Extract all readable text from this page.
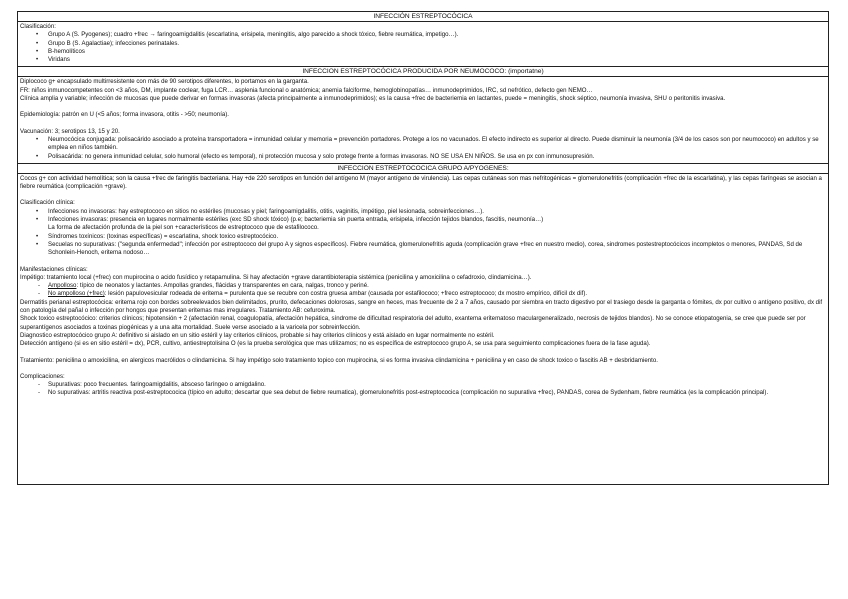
INFECCIÓN ESTREPTOCÓCICA

Clasificación:

• Grupo A (S. Pyogenes); cuadro +frec → faringoamigdalitis (escarlatina, erisipela, meningitis, algo parecido a shock tóxico, fiebre reumática, impetigo…).
• Grupo B (S. Agalactiae); infecciones perinatales.
• B-hemolíticos
• Viridans
INFECCION ESTREPTOCÓCICA PRODUCIDA POR NEUMOCOCO: (importatne)

Diplococo g+ encapsulado multirresistente con más de 90 serotipos diferentes, lo portamos en la garganta.

FR: niños inmunocompetentes con <3 años, DM, implante coclear, fuga LCR… asplenia funcional o anatómica; anemia falciforme, hemoglobinopatías… inmunodeprimidos, IRC, sd nefrótico, defecto gen NEMO…

Clínica amplia y variable; infección de mucosas que puede derivar en formas invasoras (afecta principalmente a inmunodeprimidos); es la causa +frec de bacteriemia en lactantes, puede = meningitis, shock séptico, neumonía invasiva, SHU o peritonitis invasiva.

Epidemiología: patrón en U (<5 años; forma invasora, otitis - >50; neumonía).

Vacunación: 3; serotipos 13, 15 y 20.

• Neumocócica conjugada: polisacárido asociado a proteína transportadora = inmunidad celular y memoria = prevención portadores. Protege a los no vacunados. El efecto indirecto es superior al directo. Puede disminuir la neumonía (3/4 de los casos son por neumococo) en adultos y se emplea en niños también.
• Polisacárida: no genera inmunidad celular, solo humoral (efecto es temporal), ni protección mucosa y solo protege frente a formas invasoras. NO SE USA EN NIÑOS. Se usa en px con inmunosupresión.
INFECCION ESTREPTOCOCICA GRUPO A/PYOGENES:

Cocos g+ con actividad hemolítica; son la causa +frec de faringitis bacteriana. Hay +de 220 serotipos en función del antígeno M (mayor antígeno de virulencia). Las cepas cutáneas son mas nefritogénicas = glomerulonefritis (complicación +frec de la escarlatina), y las cepas faríngeas se asocian a fiebre reumática (complicación +grave).

Clasificación clínica:

• Infecciones no invasoras: hay estreptococo en sitios no estériles (mucosas y piel; faringoamigdalitis, otitis, vaginitis, impétigo, piel lesionada, sobreinfecciones…).
• Infecciones invasoras: presencia en lugares normalmente estériles (exc SD shock tóxico) (p.e; bacteriemia sin puerta entrada, erisipela, infección tejidos blandos, fascitis, neumonía…)
La forma de afectación profunda de la piel son +característicos de estreptococo que de estafilococo.
• Síndromes toxínicos: (toxinas específicas) = escarlatina, shock toxico estreptocócico.
• Secuelas no supurativas: ("segunda enfermedad"; infección por estreptococo del grupo A y signos específicos). Fiebre reumática, glomerulonefritis aguda (complicación grave +frec en nuestro medio), corea, sindromes postestreptocócicos incompletos o menores, PANDAS, Sd de Schonlein-Henoch, eritema nodoso…

Manifestaciones clínicas:

Impétigo: tratamiento local (+frec) con mupirocina o acido fusídico y retapamulina. Si hay afectación +grave darantibioterapia sistémica (penicilina y amoxicilina o cefadroxio, clindamicina…).

- Ampolloso: típico de neonatos y lactantes. Ampollas grandes, flácidas y transparentes en cara, nalgas, tronco y periné.
- No ampolloso (+frec): lesión papulovesicular rodeada de eritema = purulenta que se recubre con costra gruesa ambar (causada por estafilococo; +freco estreptococo; dx mostro empírico, difícil dx dif).

Dermatitis perianal estreptocócica: eritema rojo con bordes sobreelevados bien delimitados, prurito, defecaciones dolorosas, sangre en heces, mas frecuente de 2 a 7 años, causado por siembra en tracto digestivo por el trasiego desde la garganta o fómites, dx por cultivo o antígeno positivo, dx dif con patología del pañal o infección por hongos que presentan eritemas mas irregulares. Tratamiento AB: cefuroxima.

Shock toxico estreptocócico: criterios clínicos; hipotensión + 2 (afectación renal, coagulopatía, afectación hepática, síndrome de dificultad respiratoria del adulto, exantema eritematoso maculargeneralizado, necrosis de tejidos blandos). No se conoce etiopatogenia, se cree que puede ser por superantígenos asociados a toxinas piogénicas y a una alta mortalidad. Suele verse asociado a la varicela por sobreinfección.

Diagnostico estreptocócico grupo A: definitivo si aislado en un sitio estéril y lay criterios clínicos, probable si hay criterios clínicos y está aislado en lugar normalmente no estéril.

Detección antígeno (si es en sitio estéril = dx), PCR, cultivo, antiestreptolisina O (es la prueba serológica que mas utilizamos; no es específica de estreptococo grupo A, se usa para seguimiento complicaciones fuera de la fase aguda).

Tratamiento: penicilina o amoxicilina, en alergicos macrólidos o clindamicina. Si hay impétigo solo tratamiento topico con mupirocina, si es forma invasiva clindamicina + penicilina y en caso de shock toxico o fascitis AB + desbridamiento.

Complicaciones:

- Supurativas: poco frecuentes. faringoamigdalitis, absceso faríngeo o amigdalino.
- No supurativas: artritis reactiva post-estreptococica (típico en adulto; descartar que sea debut de fiebre reumatica), glomerulonefritis post-estreptococica (complicación no supurativa +frec), PANDAS, corea de Sydenham, fiebre reumática (es la complicación principal).
